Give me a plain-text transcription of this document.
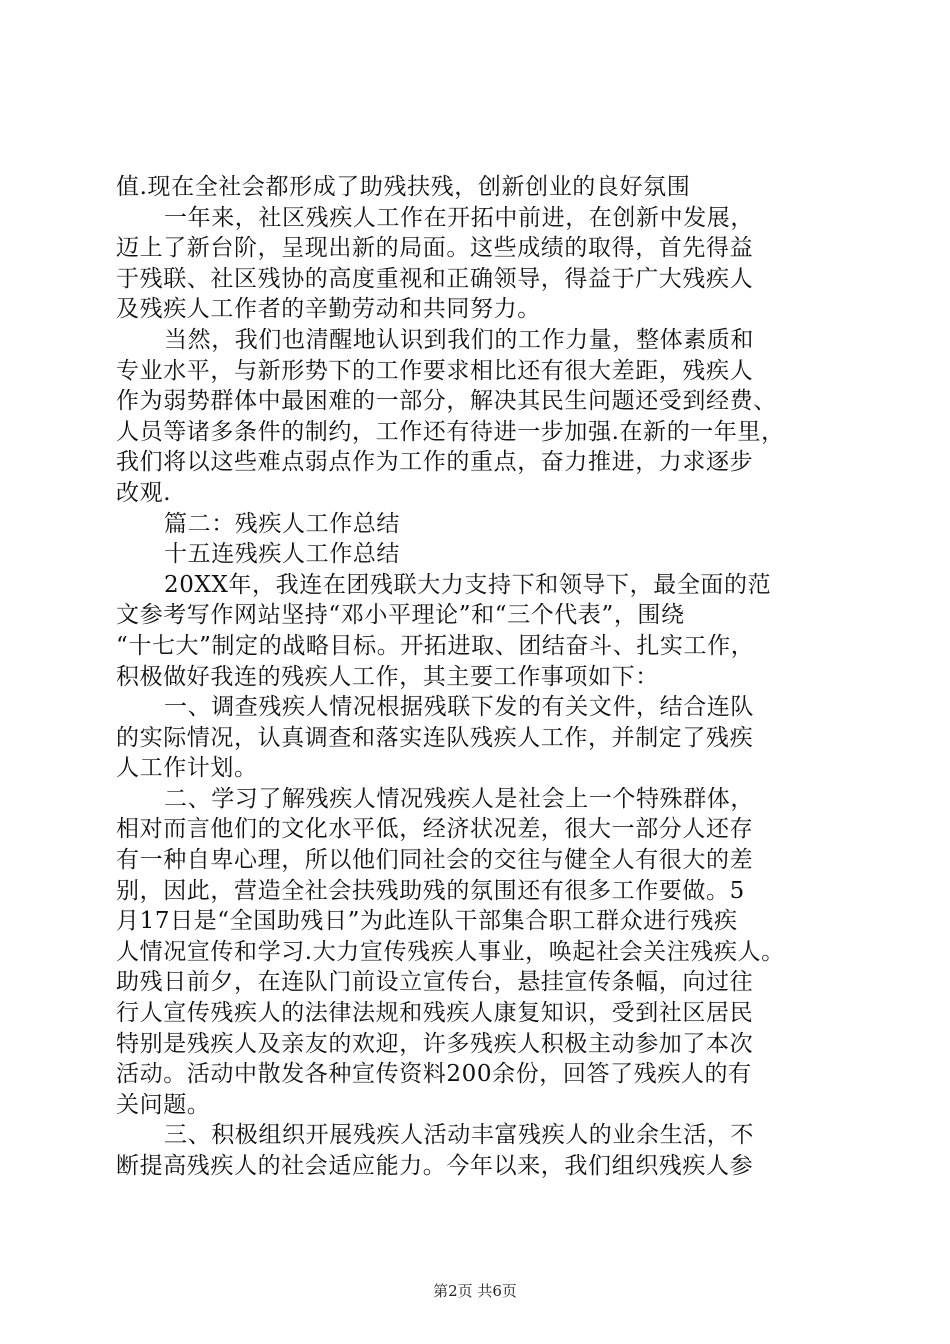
值.现在全社会都形成了助残扶残，创新创业的良好氛围
一年来，社区残疾人工作在开拓中前进，在创新中发展，
迈上了新台阶，呈现出新的局面。这些成绩的取得，首先得益
于残联、社区残协的高度重视和正确领导，得益于广大残疾人
及残疾人工作者的辛勤劳动和共同努力。
当然，我们也清醒地认识到我们的工作力量，整体素质和
专业水平，与新形势下的工作要求相比还有很大差距，残疾人
作为弱势群体中最困难的一部分，解决其民生问题还受到经费、
人员等诸多条件的制约，工作还有待进一步加强.在新的一年里，
我们将以这些难点弱点作为工作的重点，奋力推进，力求逐步
改观.
篇二：残疾人工作总结
十五连残疾人工作总结
20XX年，我连在团残联大力支持下和领导下，最全面的范
文参考写作网站坚持“邓小平理论”和“三个代表”，围绕
“十七大”制定的战略目标。开拓进取、团结奋斗、扎实工作，
积极做好我连的残疾人工作，其主要工作事项如下：
一、调查残疾人情况根据残联下发的有关文件，结合连队
的实际情况，认真调查和落实连队残疾人工作，并制定了残疾
人工作计划。
二、学习了解残疾人情况残疾人是社会上一个特殊群体，
相对而言他们的文化水平低，经济状况差，很大一部分人还存
有一种自卑心理，所以他们同社会的交往与健全人有很大的差
别，因此，营造全社会扶残助残的氛围还有很多工作要做。5
月17日是“全国助残日”为此连队干部集合职工群众进行残疾
人情况宣传和学习.大力宣传残疾人事业，唤起社会关注残疾人。
助残日前夕，在连队门前设立宣传台，悬挂宣传条幅，向过往
行人宣传残疾人的法律法规和残疾人康复知识，受到社区居民
特别是残疾人及亲友的欢迎，许多残疾人积极主动参加了本次
活动。活动中散发各种宣传资料200余份，回答了残疾人的有
关问题。
三、积极组织开展残疾人活动丰富残疾人的业余生活，不
断提高残疾人的社会适应能力。今年以来，我们组织残疾人参
第2页 共6页
